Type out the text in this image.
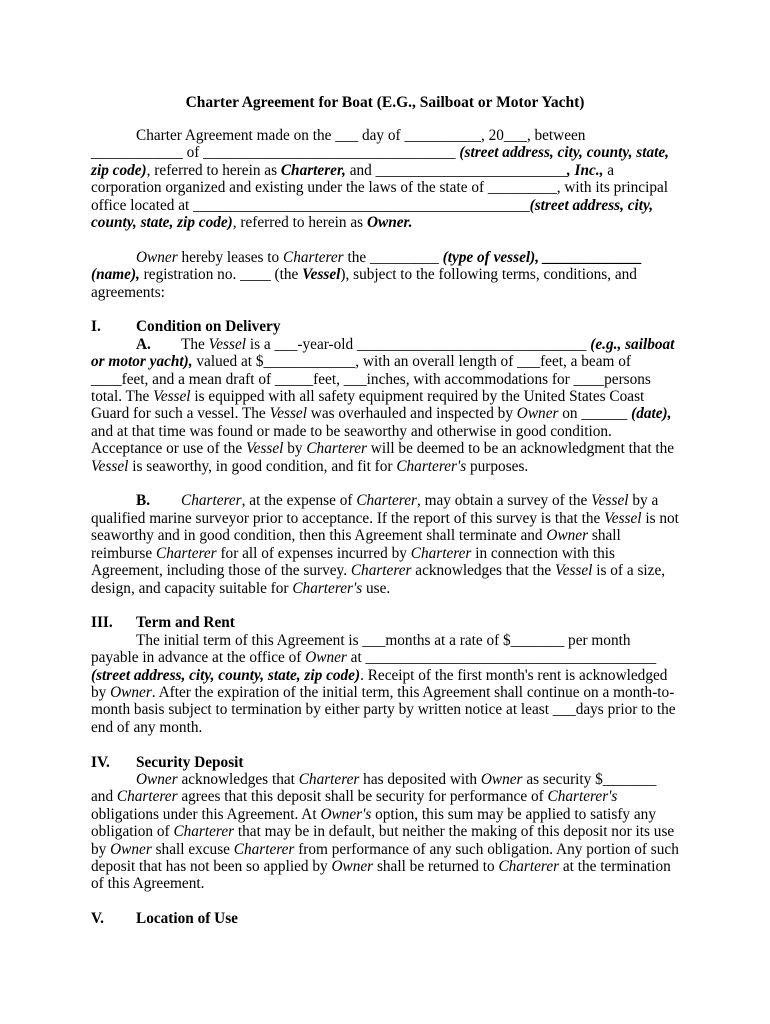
Charter Agreement for Boat (E.G., Sailboat or Motor Yacht)

Charter Agreement made on the ___ day of __________, 20___, between ____________ of _________________________________ (street address, city, county, state, zip code), referred to herein as Charterer, and _________________________, Inc., a corporation organized and existing under the laws of the state of _________, with its principal office located at ____________________________________________(street address, city, county, state, zip code), referred to herein as Owner.

Owner hereby leases to Charterer the _________ (type of vessel), _____________ (name), registration no. ____ (the Vessel), subject to the following terms, conditions, and agreements:

I.	Condition on Delivery

A. The Vessel is a ___-year-old ______________________________ (e.g., sailboat or motor yacht), valued at $____________, with an overall length of ___feet, a beam of ____feet, and a mean draft of _____feet, ___inches, with accommodations for ____persons total. The Vessel is equipped with all safety equipment required by the United States Coast Guard for such a vessel. The Vessel was overhauled and inspected by Owner on ______ (date), and at that time was found or made to be seaworthy and otherwise in good condition. Acceptance or use of the Vessel by Charterer will be deemed to be an acknowledgment that the Vessel is seaworthy, in good condition, and fit for Charterer's purposes.

B. Charterer, at the expense of Charterer, may obtain a survey of the Vessel by a qualified marine surveyor prior to acceptance. If the report of this survey is that the Vessel is not seaworthy and in good condition, then this Agreement shall terminate and Owner shall reimburse Charterer for all of expenses incurred by Charterer in connection with this Agreement, including those of the survey. Charterer acknowledges that the Vessel is of a size, design, and capacity suitable for Charterer's use.

III.	Term and Rent

The initial term of this Agreement is ___months at a rate of $_______ per month payable in advance at the office of Owner at ______________________________________ (street address, city, county, state, zip code). Receipt of the first month's rent is acknowledged by Owner. After the expiration of the initial term, this Agreement shall continue on a month-to-month basis subject to termination by either party by written notice at least ___days prior to the end of any month.

IV.	Security Deposit

Owner acknowledges that Charterer has deposited with Owner as security $_______ and Charterer agrees that this deposit shall be security for performance of Charterer's obligations under this Agreement. At Owner's option, this sum may be applied to satisfy any obligation of Charterer that may be in default, but neither the making of this deposit nor its use by Owner shall excuse Charterer from performance of any such obligation. Any portion of such deposit that has not been so applied by Owner shall be returned to Charterer at the termination of this Agreement.

V.	Location of Use
